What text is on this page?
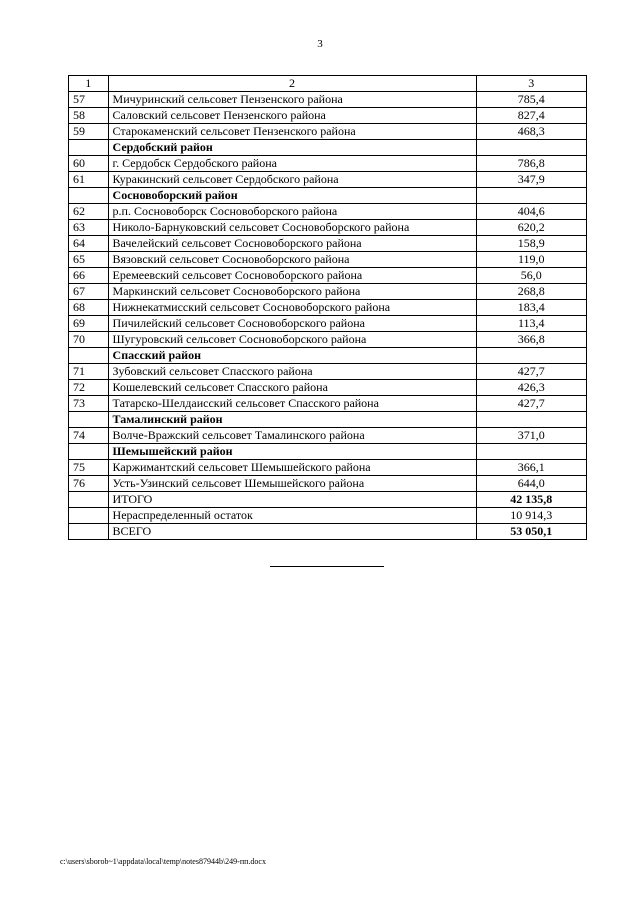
3
1	2	3
57	Мичуринский сельсовет Пензенского района	785,4
58	Саловский сельсовет Пензенского района	827,4
59	Старокаменский сельсовет Пензенского района	468,3
	Сердобский район	
60	г. Сердобск Сердобского района	786,8
61	Куракинский сельсовет Сердобского района	347,9
	Сосновоборский район	
62	р.п. Сосновоборск Сосновоборского района	404,6
63	Николо-Барнуковский сельсовет Сосновоборского района	620,2
64	Вачелейский сельсовет Сосновоборского района	158,9
65	Вязовский сельсовет Сосновоборского района	119,0
66	Еремеевский сельсовет Сосновоборского района	56,0
67	Маркинский сельсовет Сосновоборского района	268,8
68	Нижнекатмисский сельсовет Сосновоборского района	183,4
69	Пичилейский сельсовет Сосновоборского района	113,4
70	Шугуровский сельсовет Сосновоборского района	366,8
	Спасский район	
71	Зубовский сельсовет Спасского района	427,7
72	Кошелевский сельсовет Спасского района	426,3
73	Татарско-Шелдаисский сельсовет Спасского района	427,7
	Тамалинский район	
74	Волче-Вражский сельсовет Тамалинского района	371,0
	Шемышейский район	
75	Каржимантский сельсовет Шемышейского района	366,1
76	Усть-Узинский сельсовет Шемышейского района	644,0
	ИТОГО	42 135,8
	Нераспределенный остаток	10 914,3
	ВСЕГО	53 050,1
c:\users\sborob~1\appdata\local\temp\notes87944b\249-пп.docx
